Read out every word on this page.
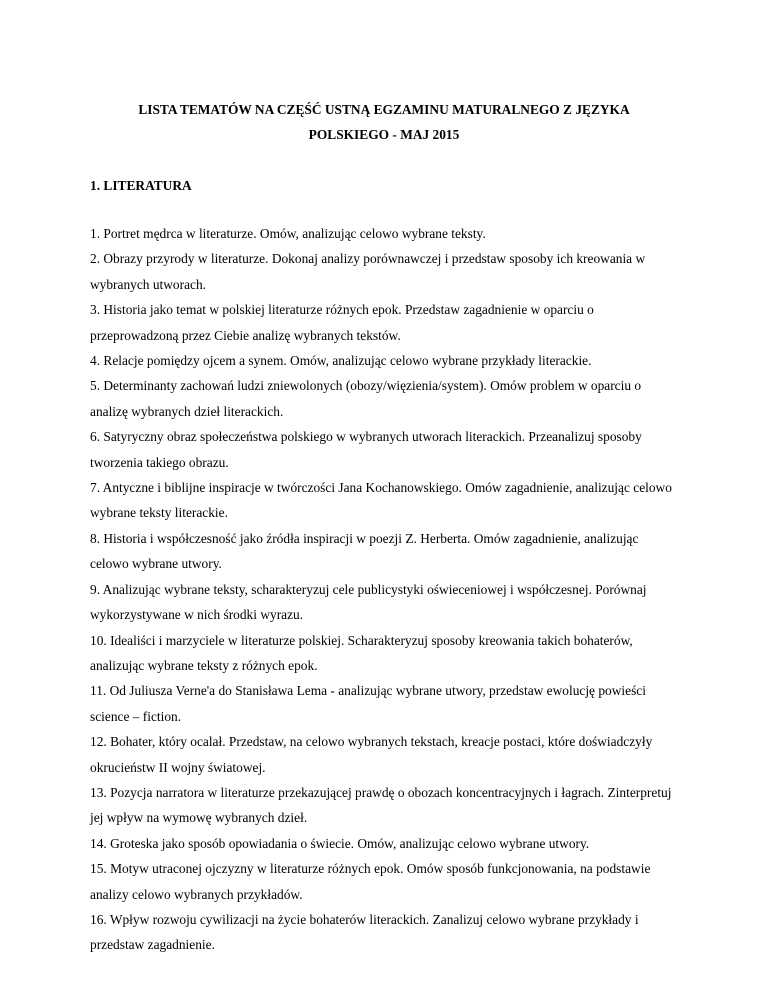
LISTA TEMATÓW NA CZĘŚĆ USTNĄ EGZAMINU MATURALNEGO Z JĘZYKA
POLSKIEGO - MAJ 2015
1. LITERATURA
1. Portret mędrca w literaturze. Omów, analizując celowo wybrane teksty.
2. Obrazy przyrody w literaturze. Dokonaj analizy porównawczej i przedstaw sposoby ich kreowania w wybranych utworach.
3. Historia jako temat w polskiej literaturze różnych epok. Przedstaw zagadnienie w oparciu o przeprowadzoną przez Ciebie analizę wybranych tekstów.
4. Relacje pomiędzy ojcem a synem. Omów, analizując celowo wybrane przykłady literackie.
5. Determinanty zachowań ludzi zniewolonych (obozy/więzienia/system). Omów problem w oparciu o analizę wybranych dzieł literackich.
6. Satyryczny obraz społeczeństwa polskiego w wybranych utworach literackich. Przeanalizuj sposoby tworzenia takiego obrazu.
7. Antyczne i biblijne inspiracje w twórczości Jana Kochanowskiego. Omów zagadnienie, analizując celowo wybrane teksty literackie.
8. Historia i współczesność jako źródła inspiracji w poezji Z. Herberta. Omów zagadnienie, analizując celowo wybrane utwory.
9. Analizując wybrane teksty, scharakteryzuj cele publicystyki oświeceniowej i współczesnej. Porównaj wykorzystywane w nich środki wyrazu.
10. Idealiści i marzyciele w literaturze polskiej. Scharakteryzuj sposoby kreowania takich bohaterów, analizując wybrane teksty z różnych epok.
11. Od Juliusza Verne'a do Stanisława Lema - analizując wybrane utwory, przedstaw ewolucję powieści science – fiction.
12. Bohater, który ocalał. Przedstaw, na celowo wybranych tekstach, kreacje postaci, które doświadczyły okrucieństw II wojny światowej.
13. Pozycja narratora w literaturze przekazującej prawdę o obozach koncentracyjnych i łagrach. Zinterpretuj jej wpływ na wymowę wybranych dzieł.
14. Groteska jako sposób opowiadania o świecie. Omów, analizując celowo wybrane utwory.
15. Motyw utraconej ojczyzny w literaturze różnych epok. Omów sposób funkcjonowania, na podstawie analizy celowo wybranych przykładów.
16. Wpływ rozwoju cywilizacji na życie bohaterów literackich. Zanalizuj celowo wybrane przykłady i przedstaw zagadnienie.
